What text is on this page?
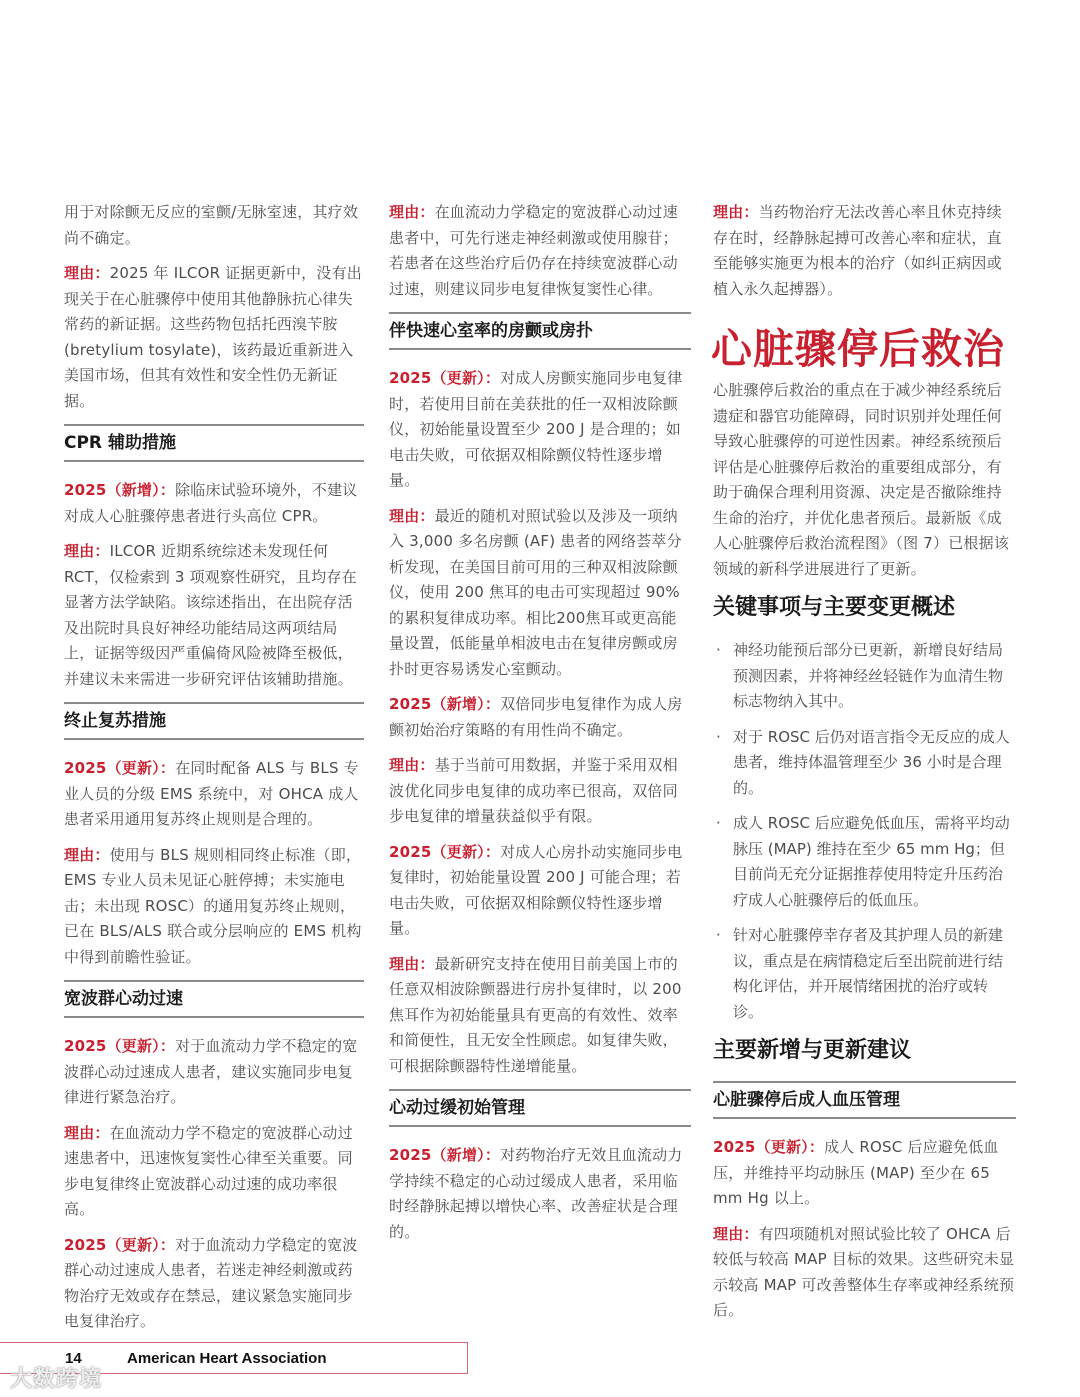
用于对除颤无反应的室颤/无脉室速，其疗效尚不确定。

理由：2025 年 ILCOR 证据更新中，没有出现关于在心脏骤停中使用其他静脉抗心律失常药的新证据。这些药物包括托西溴苄胺 (bretylium tosylate)，该药最近重新进入美国市场，但其有效性和安全性仍无新证据。

CPR 辅助措施

2025（新增）：除临床试验环境外，不建议对成人心脏骤停患者进行头高位 CPR。

理由：ILCOR 近期系统综述未发现任何 RCT，仅检索到 3 项观察性研究，且均存在显著方法学缺陷。该综述指出，在出院存活及出院时具良好神经功能结局这两项结局上，证据等级因严重偏倚风险被降至极低，并建议未来需进一步研究评估该辅助措施。

终止复苏措施

2025（更新）：在同时配备 ALS 与 BLS 专业人员的分级 EMS 系统中，对 OHCA 成人患者采用通用复苏终止规则是合理的。

理由：使用与 BLS 规则相同终止标准（即，EMS 专业人员未见证心脏停搏；未实施电击；未出现 ROSC）的通用复苏终止规则，已在 BLS/ALS 联合或分层响应的 EMS 机构中得到前瞻性验证。

宽波群心动过速

2025（更新）：对于血流动力学不稳定的宽波群心动过速成人患者，建议实施同步电复律进行紧急治疗。

理由：在血流动力学不稳定的宽波群心动过速患者中，迅速恢复窦性心律至关重要。同步电复律终止宽波群心动过速的成功率很高。

2025（更新）：对于血流动力学稳定的宽波群心动过速成人患者，若迷走神经刺激或药物治疗无效或存在禁忌，建议紧急实施同步电复律治疗。

理由：在血流动力学稳定的宽波群心动过速患者中，可先行迷走神经刺激或使用腺苷；若患者在这些治疗后仍存在持续宽波群心动过速，则建议同步电复律恢复窦性心律。

伴快速心室率的房颤或房扑

2025（更新）：对成人房颤实施同步电复律时，若使用目前在美获批的任一双相波除颤仪，初始能量设置至少 200 J 是合理的；如电击失败，可依据双相除颤仪特性逐步增量。

理由：最近的随机对照试验以及涉及一项纳入 3,000 多名房颤 (AF) 患者的网络荟萃分析发现，在美国目前可用的三种双相波除颤仪，使用 200 焦耳的电击可实现超过 90% 的累积复律成功率。相比200焦耳或更高能量设置，低能量单相波电击在复律房颤或房扑时更容易诱发心室颤动。

2025（新增）：双倍同步电复律作为成人房颤初始治疗策略的有用性尚不确定。

理由：基于当前可用数据，并鉴于采用双相波优化同步电复律的成功率已很高，双倍同步电复律的增量获益似乎有限。

2025（更新）：对成人心房扑动实施同步电复律时，初始能量设置 200 J 可能合理；若电击失败，可依据双相除颤仪特性逐步增量。

理由：最新研究支持在使用目前美国上市的任意双相波除颤器进行房扑复律时，以 200 焦耳作为初始能量具有更高的有效性、效率和简便性，且无安全性顾虑。如复律失败，可根据除颤器特性递增能量。

心动过缓初始管理

2025（新增）：对药物治疗无效且血流动力学持续不稳定的心动过缓成人患者，采用临时经静脉起搏以增快心率、改善症状是合理的。

理由：当药物治疗无法改善心率且休克持续存在时，经静脉起搏可改善心率和症状，直至能够实施更为根本的治疗（如纠正病因或植入永久起搏器）。

心脏骤停后救治

心脏骤停后救治的重点在于减少神经系统后遗症和器官功能障碍，同时识别并处理任何导致心脏骤停的可逆性因素。神经系统预后评估是心脏骤停后救治的重要组成部分，有助于确保合理利用资源、决定是否撤除维持生命的治疗，并优化患者预后。最新版《成人心脏骤停后救治流程图》（图 7）已根据该领域的新科学进展进行了更新。

关键事项与主要变更概述
· 神经功能预后部分已更新，新增良好结局预测因素，并将神经丝轻链作为血清生物标志物纳入其中。
· 对于 ROSC 后仍对语言指令无反应的成人患者，维持体温管理至少 36 小时是合理的。
· 成人 ROSC 后应避免低血压，需将平均动脉压 (MAP) 维持在至少 65 mm Hg；但目前尚无充分证据推荐使用特定升压药治疗成人心脏骤停后的低血压。
· 针对心脏骤停幸存者及其护理人员的新建议，重点是在病情稳定后至出院前进行结构化评估，并开展情绪困扰的治疗或转诊。
主要新增与更新建议
心脏骤停后成人血压管理

2025（更新）：成人 ROSC 后应避免低血压，并维持平均动脉压 (MAP) 至少在 65 mm Hg 以上。

理由：有四项随机对照试验比较了 OHCA 后较低与较高 MAP 目标的效果。这些研究未显示较高 MAP 可改善整体生存率或神经系统预后。

14	American Heart Association
大数跨境
